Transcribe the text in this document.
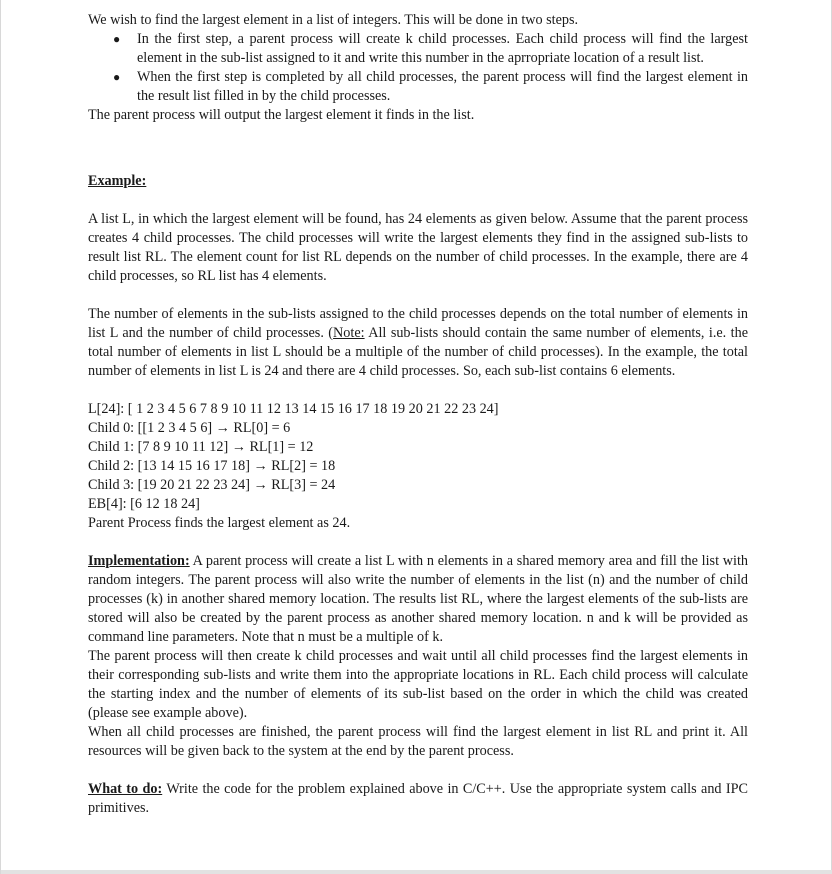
We wish to find the largest element in a list of integers. This will be done in two steps.

● In the first step, a parent process will create k child processes. Each child process will find the largest element in the sub-list assigned to it and write this number in the aprropriate location of a result list.
● When the first step is completed by all child processes, the parent process will find the largest element in the result list filled in by the child processes.

The parent process will output the largest element it finds in the list.

Example:

A list L, in which the largest element will be found, has 24 elements as given below. Assume that the parent process creates 4 child processes. The child processes will write the largest elements they find in the assigned sub-lists to result list RL. The element count for list RL depends on the number of child processes. In the example, there are 4 child processes, so RL list has 4 elements.

The number of elements in the sub-lists assigned to the child processes depends on the total number of elements in list L and the number of child processes. (Note: All sub-lists should contain the same number of elements, i.e. the total number of elements in list L should be a multiple of the number of child processes). In the example, the total number of elements in list L is 24 and there are 4 child processes. So, each sub-list contains 6 elements.

L[24]: [ 1 2 3 4 5 6 7 8 9 10 11 12 13 14 15 16 17 18 19 20 21 22 23 24]

Child 0: [[1 2 3 4 5 6] → RL[0] = 6

Child 1: [7 8 9 10 11 12] → RL[1] = 12

Child 2: [13 14 15 16 17 18] → RL[2] = 18

Child 3: [19 20 21 22 23 24] → RL[3] = 24

EB[4]: [6 12 18 24]

Parent Process finds the largest element as 24.

Implementation: A parent process will create a list L with n elements in a shared memory area and fill the list with random integers. The parent process will also write the number of elements in the list (n) and the number of child processes (k) in another shared memory location. The results list RL, where the largest elements of the sub-lists are stored will also be created by the parent process as another shared memory location. n and k will be provided as command line parameters. Note that n must be a multiple of k.

The parent process will then create k child processes and wait until all child processes find the largest elements in their corresponding sub-lists and write them into the appropriate locations in RL. Each child process will calculate the starting index and the number of elements of its sub-list based on the order in which the child was created (please see example above).

When all child processes are finished, the parent process will find the largest element in list RL and print it. All resources will be given back to the system at the end by the parent process.

What to do: Write the code for the problem explained above in C/C++. Use the appropriate system calls and IPC primitives.
